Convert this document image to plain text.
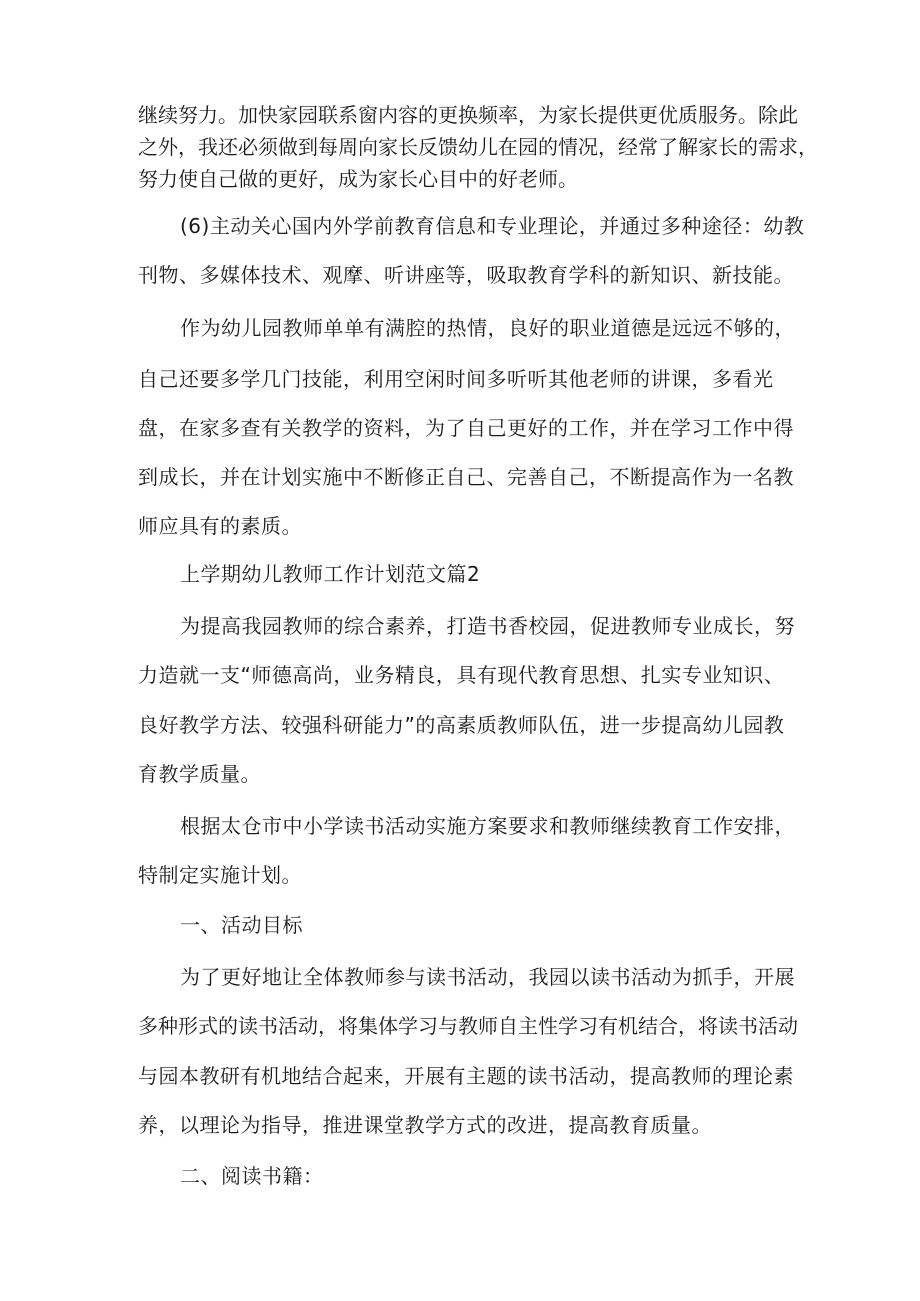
继续努力。加快家园联系窗内容的更换频率，为家长提供更优质服务。除此
之外，我还必须做到每周向家长反馈幼儿在园的情况，经常了解家长的需求，
努力使自己做的更好，成为家长心目中的好老师。
(6)主动关心国内外学前教育信息和专业理论，并通过多种途径：幼教
刊物、多媒体技术、观摩、听讲座等，吸取教育学科的新知识、新技能。
作为幼儿园教师单单有满腔的热情，良好的职业道德是远远不够的，
自己还要多学几门技能，利用空闲时间多听听其他老师的讲课，多看光
盘，在家多查有关教学的资料，为了自己更好的工作，并在学习工作中得
到成长，并在计划实施中不断修正自己、完善自己，不断提高作为一名教
师应具有的素质。
上学期幼儿教师工作计划范文篇2
为提高我园教师的综合素养，打造书香校园，促进教师专业成长，努
力造就一支“师德高尚，业务精良，具有现代教育思想、扎实专业知识、
良好教学方法、较强科研能力”的高素质教师队伍，进一步提高幼儿园教
育教学质量。
根据太仓市中小学读书活动实施方案要求和教师继续教育工作安排，
特制定实施计划。
一、活动目标
为了更好地让全体教师参与读书活动，我园以读书活动为抓手，开展
多种形式的读书活动，将集体学习与教师自主性学习有机结合，将读书活动
与园本教研有机地结合起来，开展有主题的读书活动，提高教师的理论素
养，以理论为指导，推进课堂教学方式的改进，提高教育质量。
二、阅读书籍：
